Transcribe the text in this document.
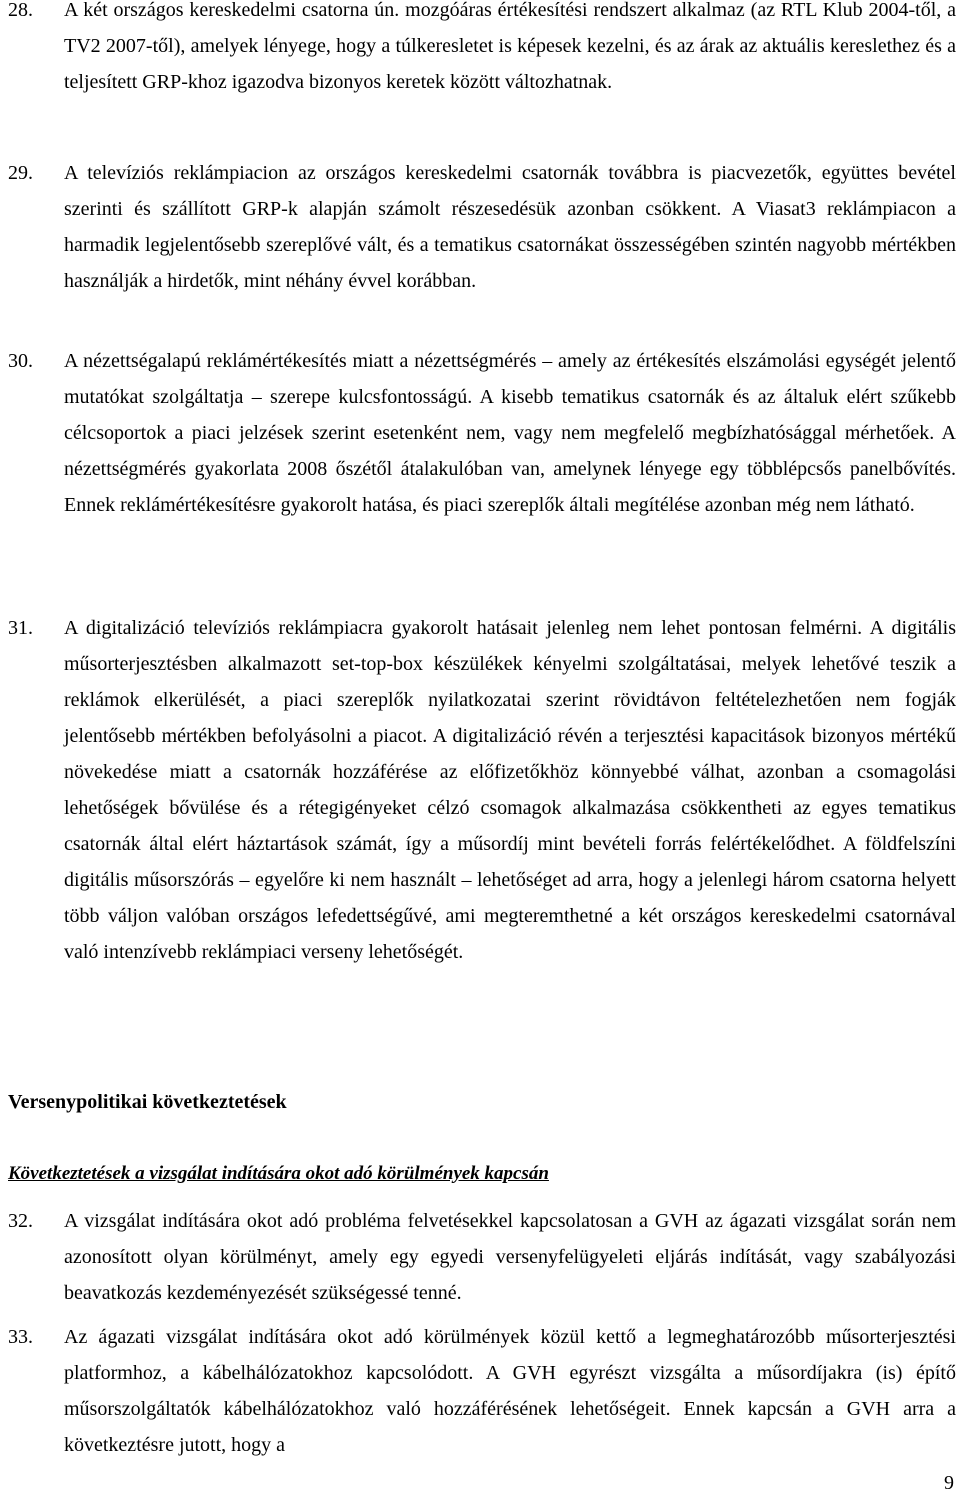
28. A két országos kereskedelmi csatorna ún. mozgóáras értékesítési rendszert alkalmaz (az RTL Klub 2004-től, a TV2 2007-től), amelyek lényege, hogy a túlkeresletet is képesek kezelni, és az árak az aktuális kereslethez és a teljesített GRP-khoz igazodva bizonyos keretek között változhatnak.
29. A televíziós reklámpiacion az országos kereskedelmi csatornák továbbra is piacvezetők, együttes bevétel szerinti és szállított GRP-k alapján számolt részesedésük azonban csökkent. A Viasat3 reklámpiacon a harmadik legjelentősebb szereplővé vált, és a tematikus csatornákat összességében szintén nagyobb mértékben használják a hirdetők, mint néhány évvel korábban.
30. A nézettségalapú reklámértékesítés miatt a nézettségmérés – amely az értékesítés elszámolási egységét jelentő mutatókat szolgáltatja – szerepe kulcsfontosságú. A kisebb tematikus csatornák és az általuk elért szűkebb célcsoportok a piaci jelzések szerint esetenként nem, vagy nem megfelelő megbízhatósággal mérhetőek. A nézettségmérés gyakorlata 2008 őszétől átalakulóban van, amelynek lényege egy többlépcsős panelbővítés. Ennek reklámértékesítésre gyakorolt hatása, és piaci szereplők általi megítélése azonban még nem látható.
31. A digitalizáció televíziós reklámpiacra gyakorolt hatásait jelenleg nem lehet pontosan felmérni. A digitális műsorterjesztésben alkalmazott set-top-box készülékek kényelmi szolgáltatásai, melyek lehetővé teszik a reklámok elkerülését, a piaci szereplők nyilatkozatai szerint rövidtávon feltételezhetően nem fogják jelentősebb mértékben befolyásolni a piacot. A digitalizáció révén a terjesztési kapacitások bizonyos mértékű növekedése miatt a csatornák hozzáférése az előfizetőkhöz könnyebbé válhat, azonban a csomagolási lehetőségek bővülése és a rétegigényeket célzó csomagok alkalmazása csökkentheti az egyes tematikus csatornák által elért háztartások számát, így a műsordíj mint bevételi forrás felértékelődhet. A földfelszíni digitális műsorszórás – egyelőre ki nem használt – lehetőséget ad arra, hogy a jelenlegi három csatorna helyett több váljon valóban országos lefedettségűvé, ami megteremthetné a két országos kereskedelmi csatornával való intenzívebb reklámpiaci verseny lehetőségét.
Versenypolitikai következtetések
Következtetések a vizsgálat indítására okot adó körülmények kapcsán
32. A vizsgálat indítására okot adó probléma felvetésekkel kapcsolatosan a GVH az ágazati vizsgálat során nem azonosított olyan körülményt, amely egy egyedi versenyfelügyeleti eljárás indítását, vagy szabályozási beavatkozás kezdeményezését szükségessé tenné.
33. Az ágazati vizsgálat indítására okot adó körülmények közül kettő a legmeghatározóbb műsorterjesztési platformhoz, a kábelhálózatokhoz kapcsolódott. A GVH egyrészt vizsgálta a műsordíjakra (is) építő műsorszolgáltatók kábelhálózatokhoz való hozzáférésének lehetőségeit. Ennek kapcsán a GVH arra a következtésre jutott, hogy a
9
